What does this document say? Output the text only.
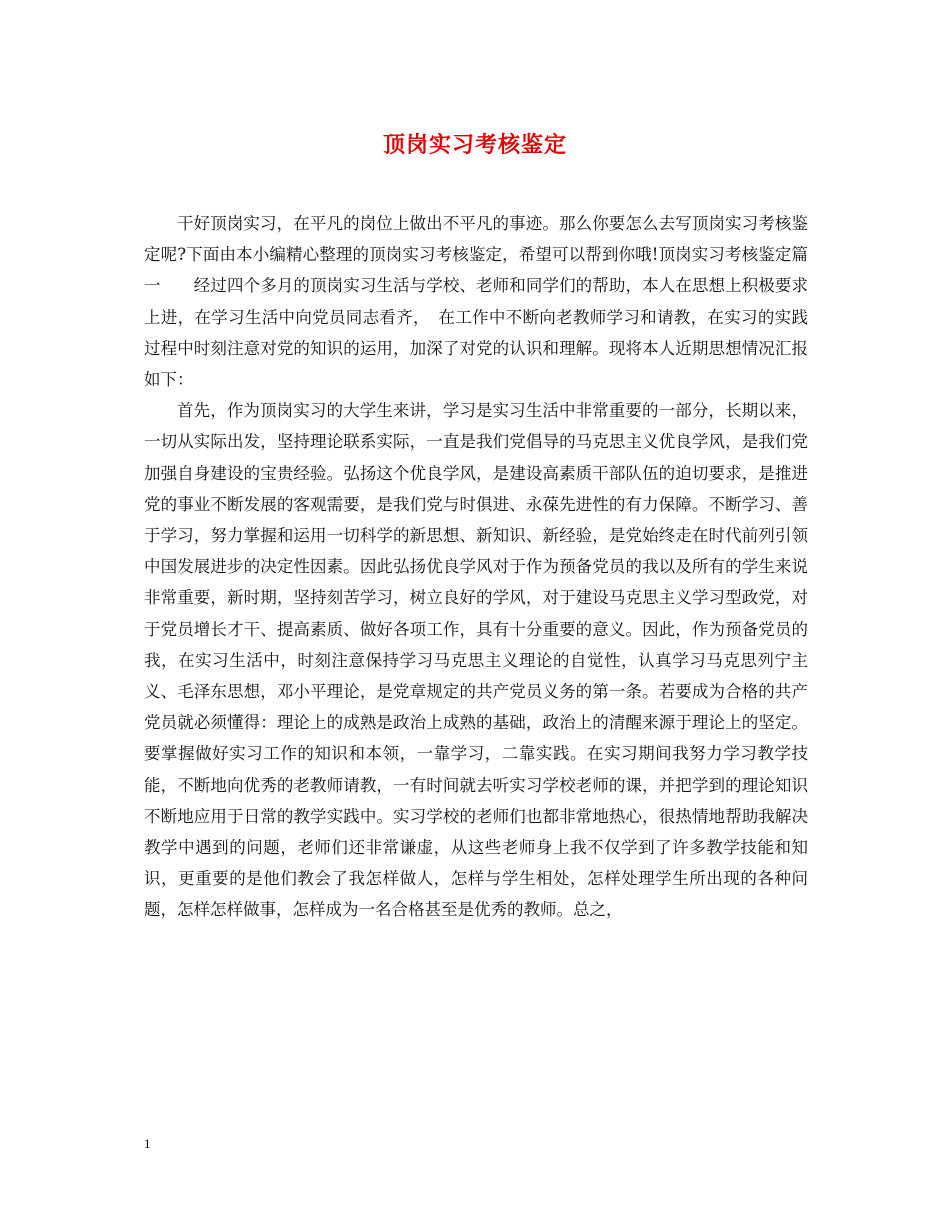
顶岗实习考核鉴定

干好顶岗实习，在平凡的岗位上做出不平凡的事迹。那么你要怎么去写顶岗实习考核鉴定呢?下面由本小编精心整理的顶岗实习考核鉴定，希望可以帮到你哦!顶岗实习考核鉴定篇一　　经过四个多月的顶岗实习生活与学校、老师和同学们的帮助，本人在思想上积极要求上进，在学习生活中向党员同志看齐，　在工作中不断向老教师学习和请教，在实习的实践过程中时刻注意对党的知识的运用，加深了对党的认识和理解。现将本人近期思想情况汇报如下：

首先，作为顶岗实习的大学生来讲，学习是实习生活中非常重要的一部分，长期以来，一切从实际出发，坚持理论联系实际，一直是我们党倡导的马克思主义优良学风，是我们党加强自身建设的宝贵经验。弘扬这个优良学风，是建设高素质干部队伍的迫切要求，是推进党的事业不断发展的客观需要，是我们党与时俱进、永葆先进性的有力保障。不断学习、善于学习，努力掌握和运用一切科学的新思想、新知识、新经验，是党始终走在时代前列引领中国发展进步的决定性因素。因此弘扬优良学风对于作为预备党员的我以及所有的学生来说非常重要，新时期，坚持刻苦学习，树立良好的学风，对于建设马克思主义学习型政党，对于党员增长才干、提高素质、做好各项工作，具有十分重要的意义。因此，作为预备党员的我，在实习生活中，时刻注意保持学习马克思主义理论的自觉性，认真学习马克思列宁主义、毛泽东思想，邓小平理论，是党章规定的共产党员义务的第一条。若要成为合格的共产党员就必须懂得：理论上的成熟是政治上成熟的基础，政治上的清醒来源于理论上的坚定。要掌握做好实习工作的知识和本领，一靠学习，二靠实践。在实习期间我努力学习教学技能，不断地向优秀的老教师请教，一有时间就去听实习学校老师的课，并把学到的理论知识不断地应用于日常的教学实践中。实习学校的老师们也都非常地热心，很热情地帮助我解决教学中遇到的问题，老师们还非常谦虚，从这些老师身上我不仅学到了许多教学技能和知识，更重要的是他们教会了我怎样做人，怎样与学生相处，怎样处理学生所出现的各种问题，怎样怎样做事，怎样成为一名合格甚至是优秀的教师。总之，

1
